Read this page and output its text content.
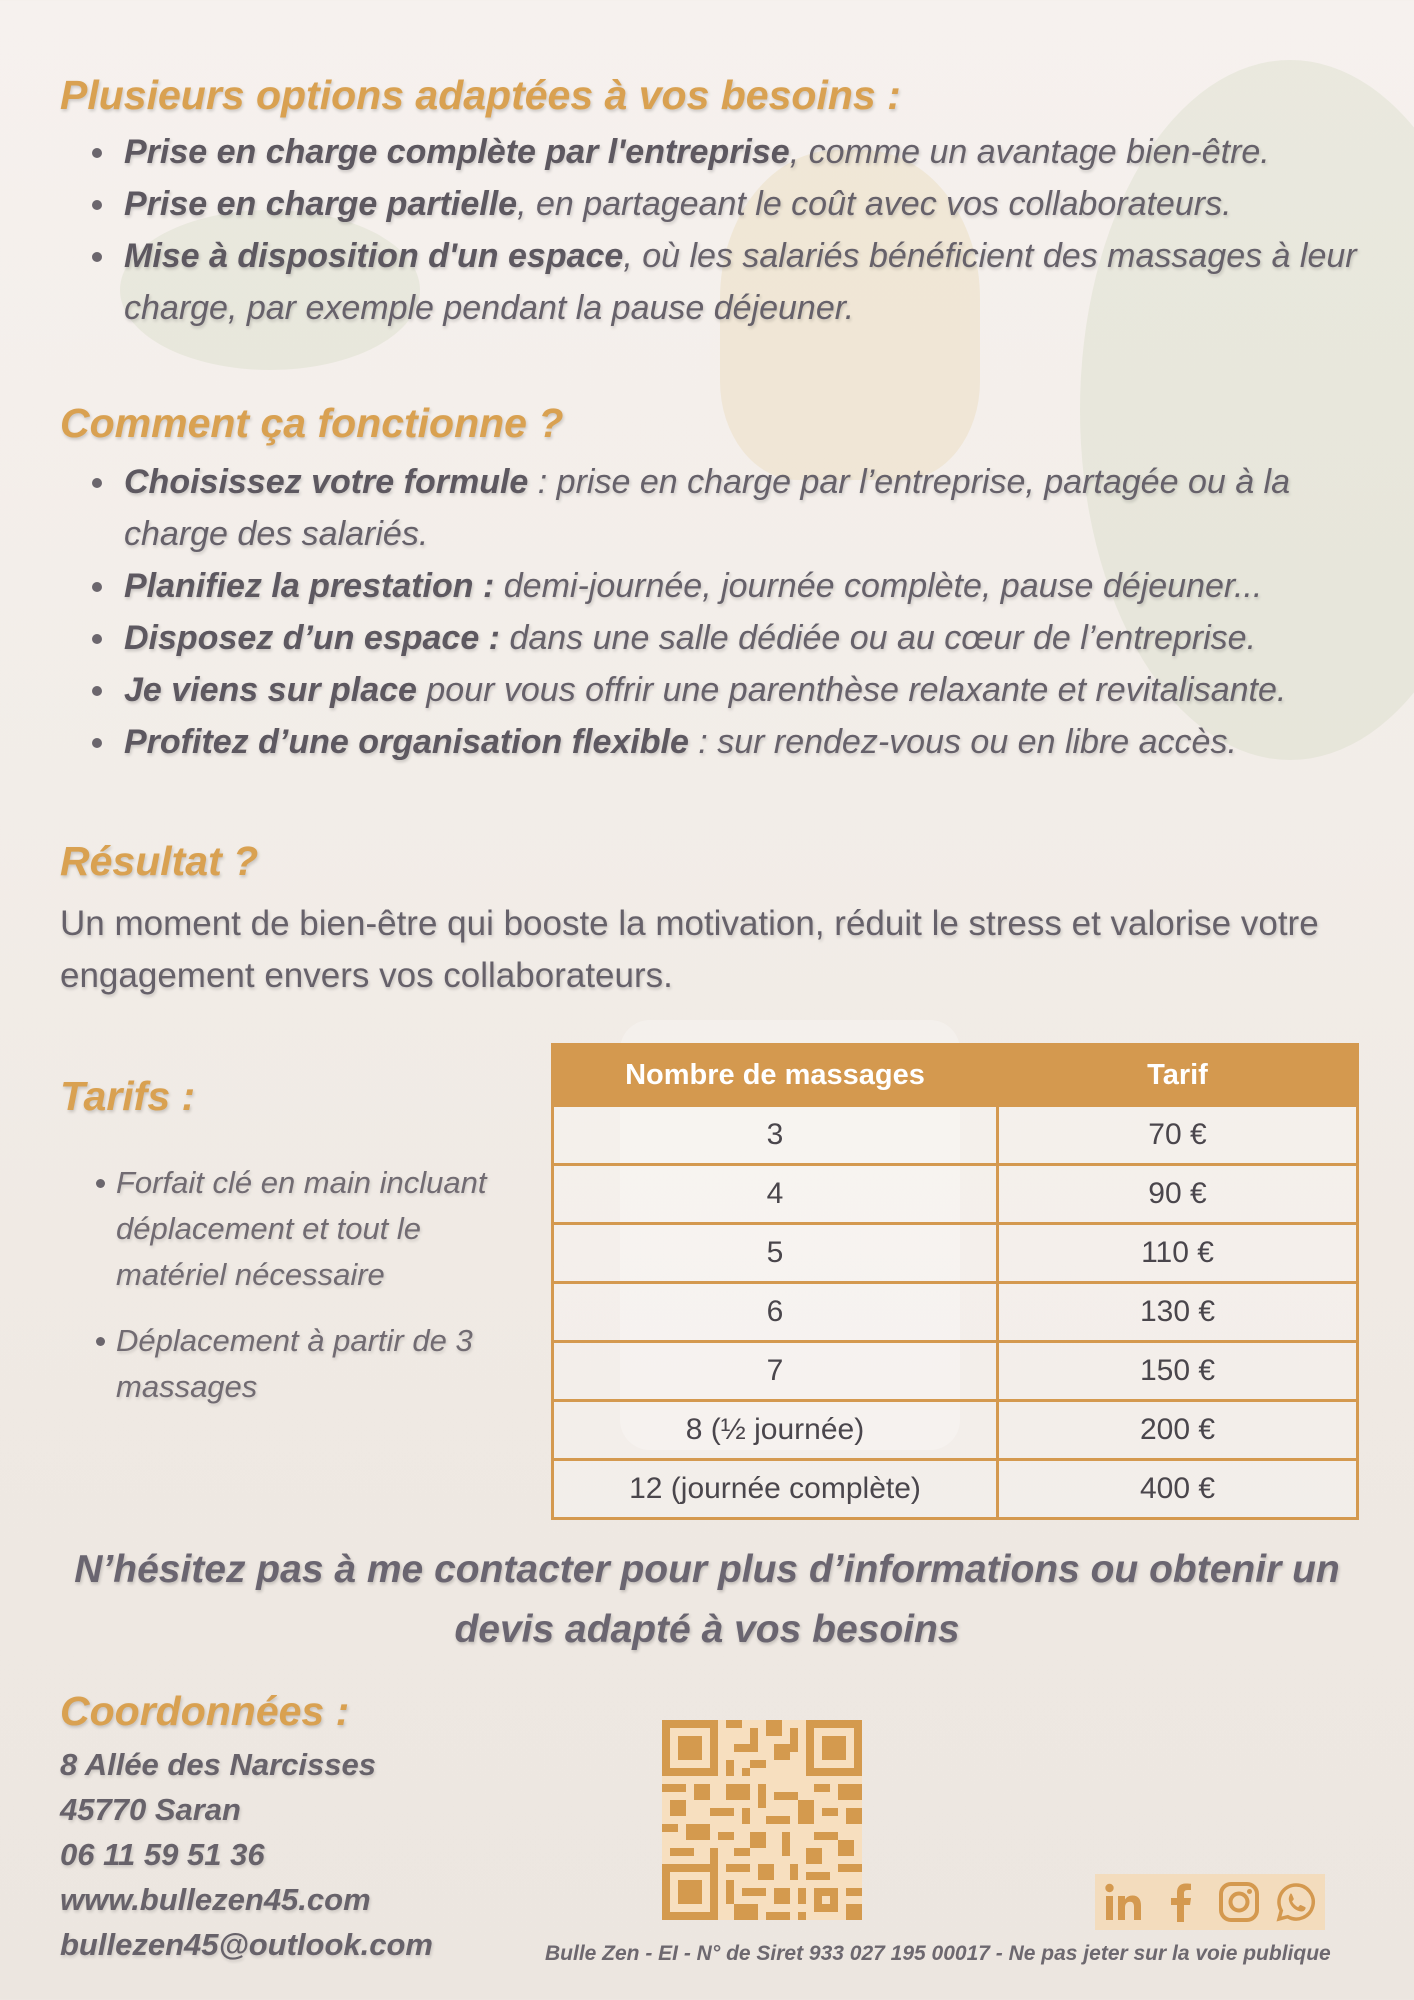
Plusieurs options adaptées à vos besoins :
Prise en charge complète par l'entreprise, comme un avantage bien-être.
Prise en charge partielle, en partageant le coût avec vos collaborateurs.
Mise à disposition d'un espace, où les salariés bénéficient des massages à leur charge, par exemple pendant la pause déjeuner.
Comment ça fonctionne ?
Choisissez votre formule : prise en charge par l’entreprise, partagée ou à la charge des salariés.
Planifiez la prestation : demi-journée, journée complète, pause déjeuner...
Disposez d’un espace : dans une salle dédiée ou au cœur de l’entreprise.
Je viens sur place pour vous offrir une parenthèse relaxante et revitalisante.
Profitez d’une organisation flexible : sur rendez-vous ou en libre accès.
Résultat ?

Un moment de bien-être qui booste la motivation, réduit le stress et valorise votre engagement envers vos collaborateurs.

Tarifs :
Forfait clé en main incluant déplacement et tout le matériel nécessaire
Déplacement à partir de 3 massages
Nombre de massages	Tarif
3	70 €
4	90 €
5	110 €
6	130 €
7	150 €
8 (½ journée)	200 €
12 (journée complète)	400 €

N’hésitez pas à me contacter pour plus d’informations ou obtenir un devis adapté à vos besoins

Coordonnées :
8 Allée des Narcisses
45770 Saran
06 11 59 51 36
www.bullezen45.com
bullezen45@outlook.com	Bulle Zen - EI - N° de Siret 933 027 195 00017 - Ne pas jeter sur la voie publique
